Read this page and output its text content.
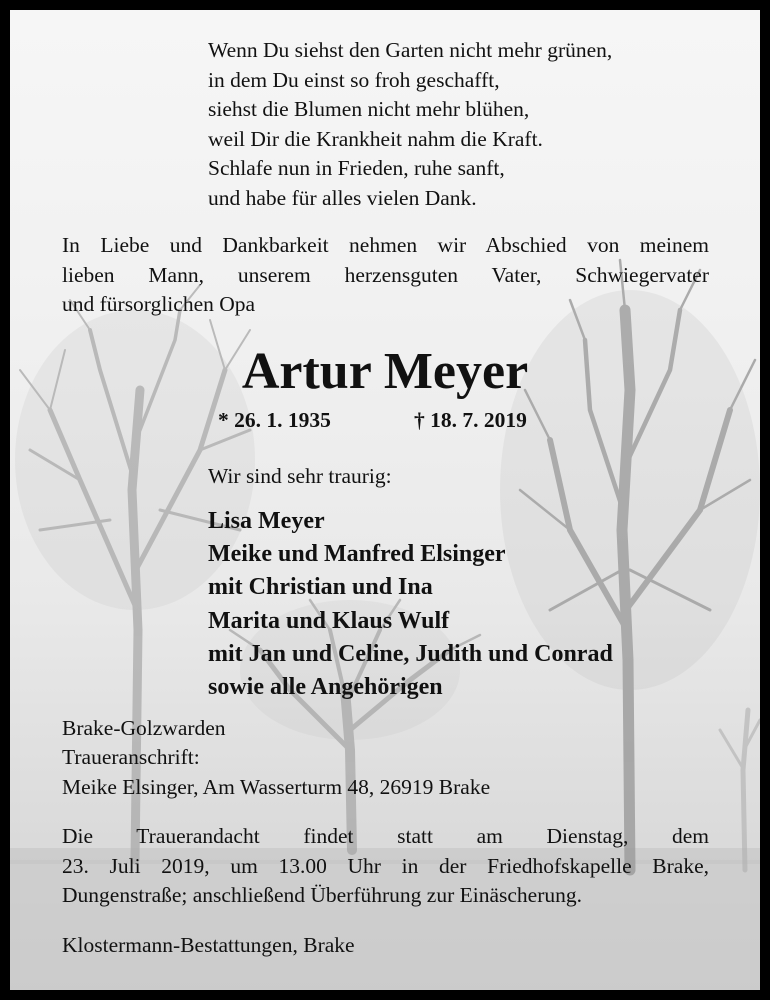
Wenn Du siehst den Garten nicht mehr grünen,
in dem Du einst so froh geschafft,
siehst die Blumen nicht mehr blühen,
weil Dir die Krankheit nahm die Kraft.
Schlafe nun in Frieden, ruhe sanft,
und habe für alles vielen Dank.
In Liebe und Dankbarkeit nehmen wir Abschied von meinem
lieben Mann, unserem herzensguten Vater, Schwiegervater
und fürsorglichen Opa
Artur Meyer
* 26. 1. 1935	† 18. 7. 2019
Wir sind sehr traurig:
Lisa Meyer
Meike und Manfred Elsinger
mit Christian und Ina
Marita und Klaus Wulf
mit Jan und Celine, Judith und Conrad
sowie alle Angehörigen
Brake-Golzwarden
Traueranschrift:
Meike Elsinger, Am Wasserturm 48, 26919 Brake
Die Trauerandacht findet statt am Dienstag, dem
23. Juli 2019, um 13.00 Uhr in der Friedhofskapelle Brake,
Dungenstraße; anschließend Überführung zur Einäscherung.
Klostermann-Bestattungen, Brake
